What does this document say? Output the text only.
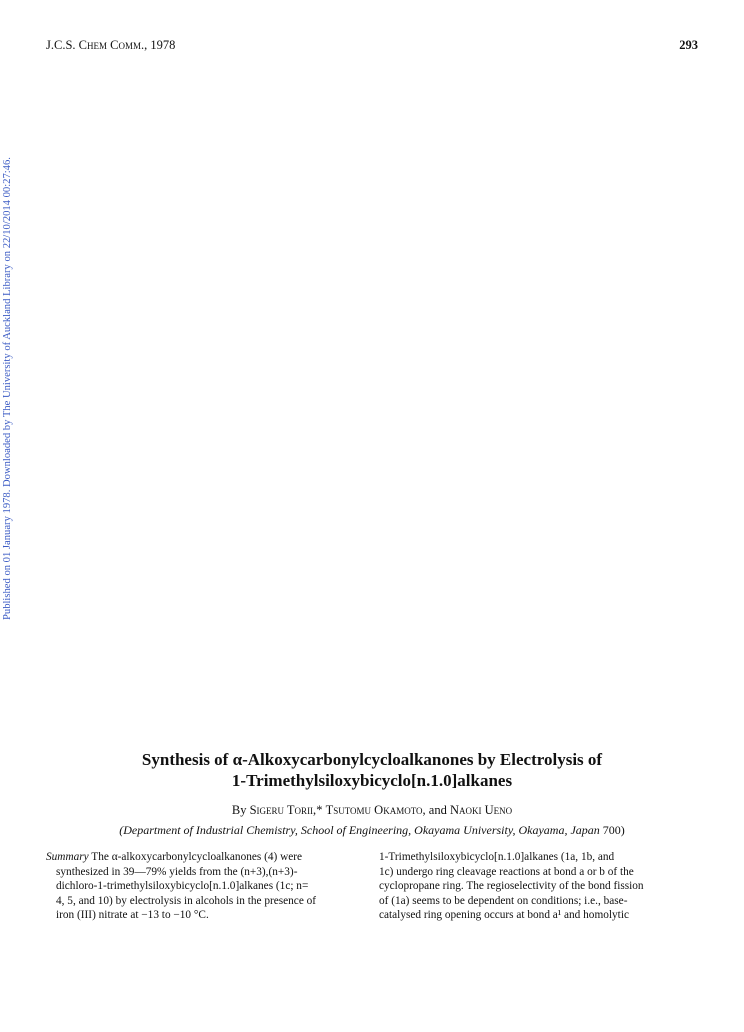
J.C.S. Chem Comm., 1978	293
Published on 01 January 1978. Downloaded by The University of Auckland Library on 22/10/2014 00:27:46.
Synthesis of α-Alkoxycarbonylcycloalkanones by Electrolysis of
1-Trimethylsiloxybicyclo[n.1.0]alkanes
By Sigeru Torii,* Tsutomu Okamoto, and Naoki Ueno
(Department of Industrial Chemistry, School of Engineering, Okayama University, Okayama, Japan 700)
Summary The α-alkoxycarbonylcycloalkanones (4) were
synthesized in 39—79% yields from the (n+3),(n+3)-
dichloro-1-trimethylsiloxybicyclo[n.1.0]alkanes (1c; n=
4, 5, and 10) by electrolysis in alcohols in the presence of
iron (III) nitrate at −13 to −10 °C.
1-Trimethylsiloxybicyclo[n.1.0]alkanes (1a, 1b, and
1c) undergo ring cleavage reactions at bond a or b of the
cyclopropane ring. The regioselectivity of the bond fission
of (1a) seems to be dependent on conditions; i.e., base-
catalysed ring opening occurs at bond a¹ and homolytic
